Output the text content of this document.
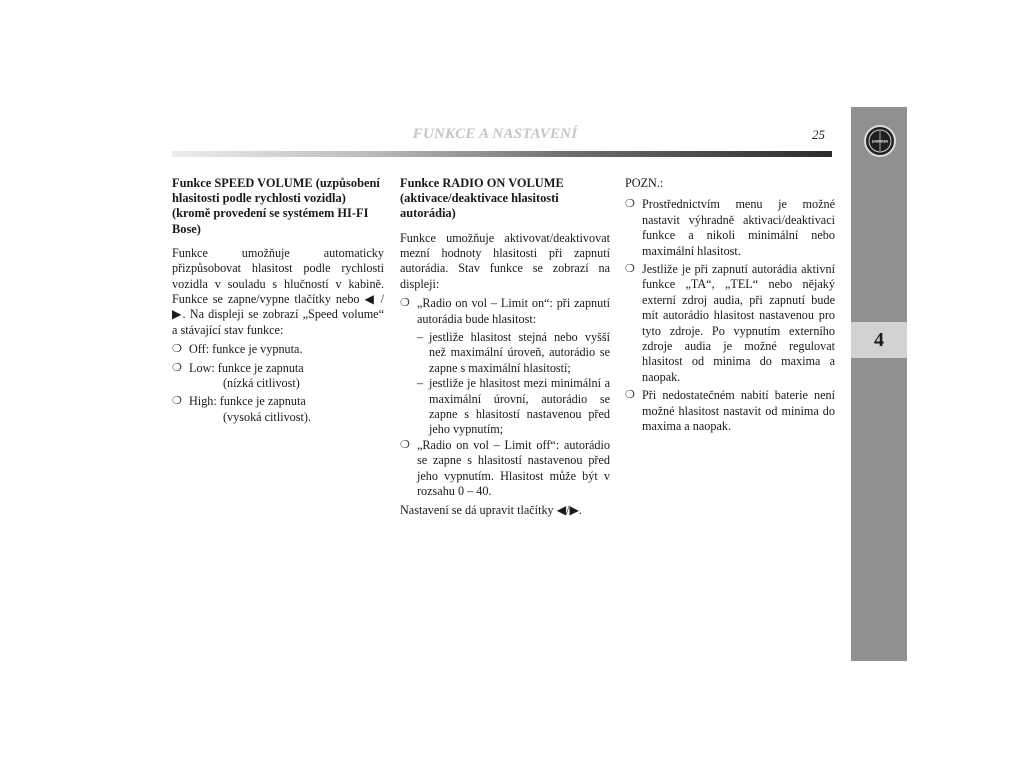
LANCIA
4
FUNKCE A NASTAVENÍ	25
Funkce SPEED VOLUME (uzpůsobení hlasitosti podle rychlosti vozidla) (kromě provedení se systémem HI-FI Bose)
Funkce umožňuje automaticky přizpůsobovat hlasitost podle rychlosti vozidla v souladu s hlučností v kabině. Funkce se zapne/vypne tlačítky nebo ◀ / ▶. Na displeji se zobrazí „Speed volume“ a stávající stav funkce:
❍ Off: funkce je vypnuta.
❍ Low: funkce je zapnuta
(nízká citlivost)
❍ High: funkce je zapnuta
(vysoká citlivost).
Funkce RADIO ON VOLUME (aktivace/deaktivace hlasitosti autorádia)
Funkce umožňuje aktivovat/deaktivovat mezní hodnoty hlasitosti při zapnutí autorádia. Stav funkce se zobrazí na displeji:
❍ „Radio on vol – Limit on“: při zapnutí autorádia bude hlasitost:
– jestliže hlasitost stejná nebo vyšší než maximální úroveň, autorádio se zapne s maximální hlasitostí;
– jestliže je hlasitost mezi minimální a maximální úrovní, autorádio se zapne s hlasitostí nastavenou před jeho vypnutím;
❍ „Radio on vol – Limit off“: autorádio se zapne s hlasitostí nastavenou před jeho vypnutím. Hlasitost může být v rozsahu 0 – 40.
Nastavení se dá upravit tlačítky ◀/▶.
POZN.:
❍ Prostřednictvím menu je možné nastavit výhradně aktivaci/deaktivaci funkce a nikoli minimální nebo maximální hlasitost.
❍ Jestliže je při zapnutí autorádia aktivní funkce „TA“, „TEL“ nebo nějaký externí zdroj audia, při zapnutí bude mít autorádio hlasitost nastavenou pro tyto zdroje. Po vypnutím externího zdroje audia je možné regulovat hlasitost od minima do maxima a naopak.
❍ Při nedostatečném nabití baterie není možné hlasitost nastavit od minima do maxima a naopak.
